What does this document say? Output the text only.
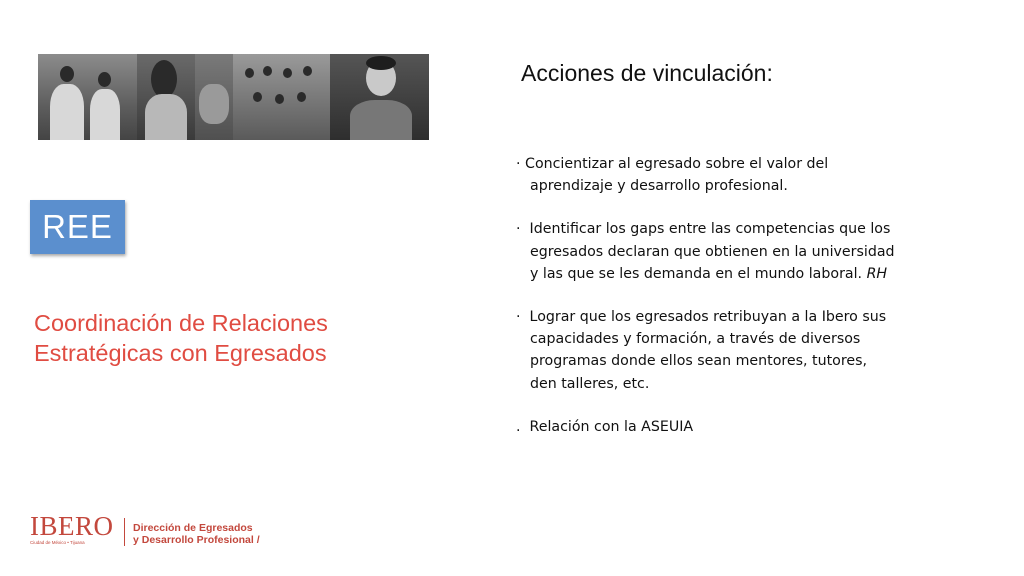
REE
Coordinación de Relaciones Estratégicas con Egresados
Acciones de vinculación:
· Concientizar al egresado sobre el valor del
aprendizaje y desarrollo profesional.
· Identificar los gaps entre las competencias que los
egresados declaran que obtienen en la universidad
y las que se les demanda en el mundo laboral. RH
· Lograr que los egresados retribuyan a la Ibero sus
capacidades y formación, a través de diversos
programas donde ellos sean mentores, tutores,
den talleres, etc.
. Relación con la ASEUIA
IBERO
Ciudad de México • Tijuana
Dirección de Egresados
y Desarrollo Profesional /
